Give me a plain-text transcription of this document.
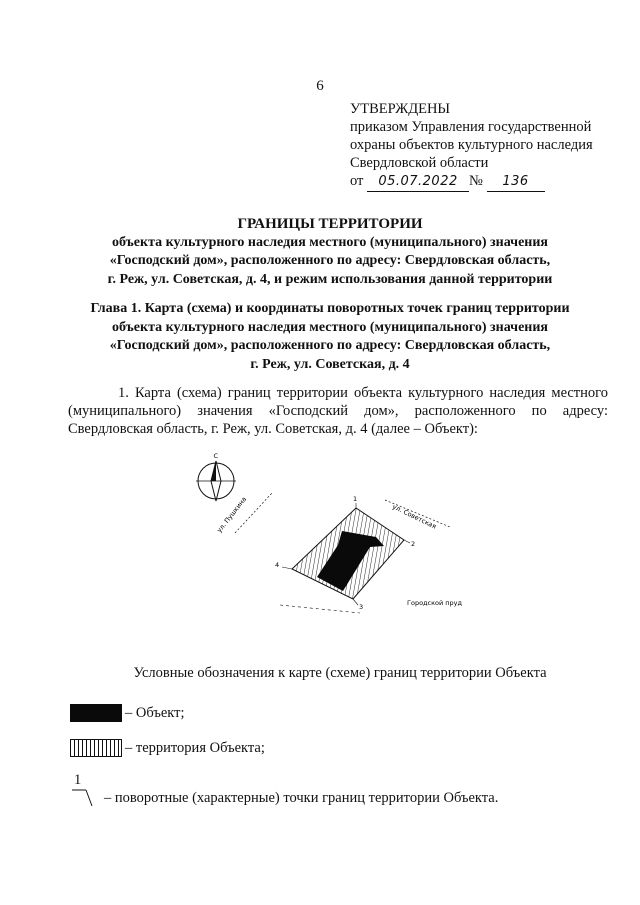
6
УТВЕРЖДЕНЫ
приказом Управления государственной
охраны объектов культурного наследия
Свердловской области
от 05.07.2022 № 136
ГРАНИЦЫ ТЕРРИТОРИИ
объекта культурного наследия местного (муниципального) значения
«Господский дом», расположенного по адресу: Свердловская область,
г. Реж, ул. Советская, д. 4, и режим использования данной территории
Глава 1. Карта (схема) и координаты поворотных точек границ территории
объекта культурного наследия местного (муниципального) значения
«Господский дом», расположенного по адресу: Свердловская область,
г. Реж, ул. Советская, д. 4
1. Карта (схема) границ территории объекта культурного наследия местного
(муниципального) значения «Господский дом», расположенного по адресу:
Свердловская область, г. Реж, ул. Советская, д. 4 (далее – Объект):
С
ул. Пушкина	ул. Советская
Городской пруд
1
2
3
4
Условные обозначения к карте (схеме) границ территории Объекта
– Объект;
– территория Объекта;
1
– поворотные (характерные) точки границ территории Объекта.
